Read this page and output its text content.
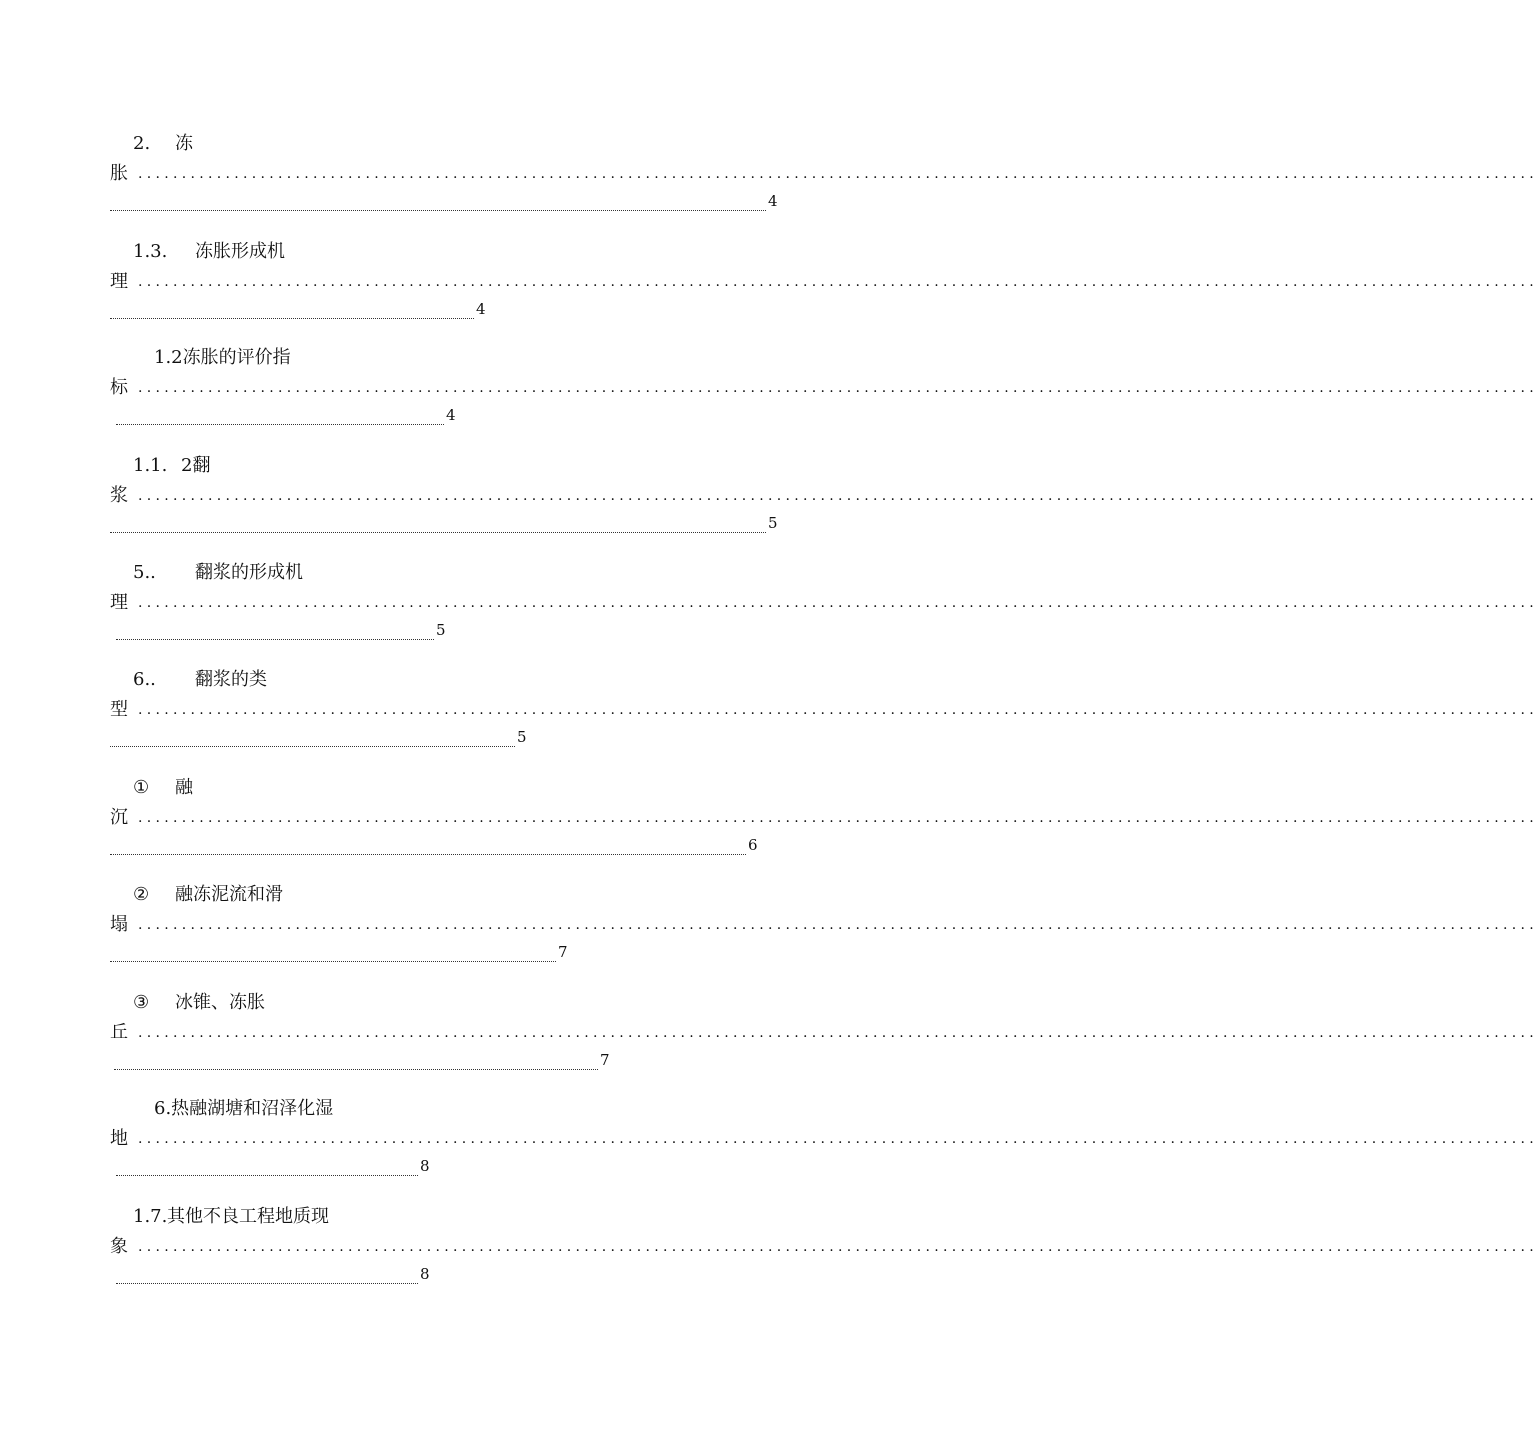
2. 冻
胀 ................................................................................................................................................................
4
1.3. 冻胀形成机
理 ................................................................................................................................................................
4
1.2冻胀的评价指
标 ................................................................................................................................................................
4
1.1. 2翻
浆 ................................................................................................................................................................
5
5.. 翻浆的形成机
理 ................................................................................................................................................................
5
6.. 翻浆的类
型 ................................................................................................................................................................
5
① 融
沉 ................................................................................................................................................................
6
② 融冻泥流和滑
塌 ................................................................................................................................................................
7
③ 冰锥、冻胀
丘 ................................................................................................................................................................
7
6.热融湖塘和沼泽化湿
地 ................................................................................................................................................................
8
1.7.其他不良工程地质现
象 ................................................................................................................................................................
8
